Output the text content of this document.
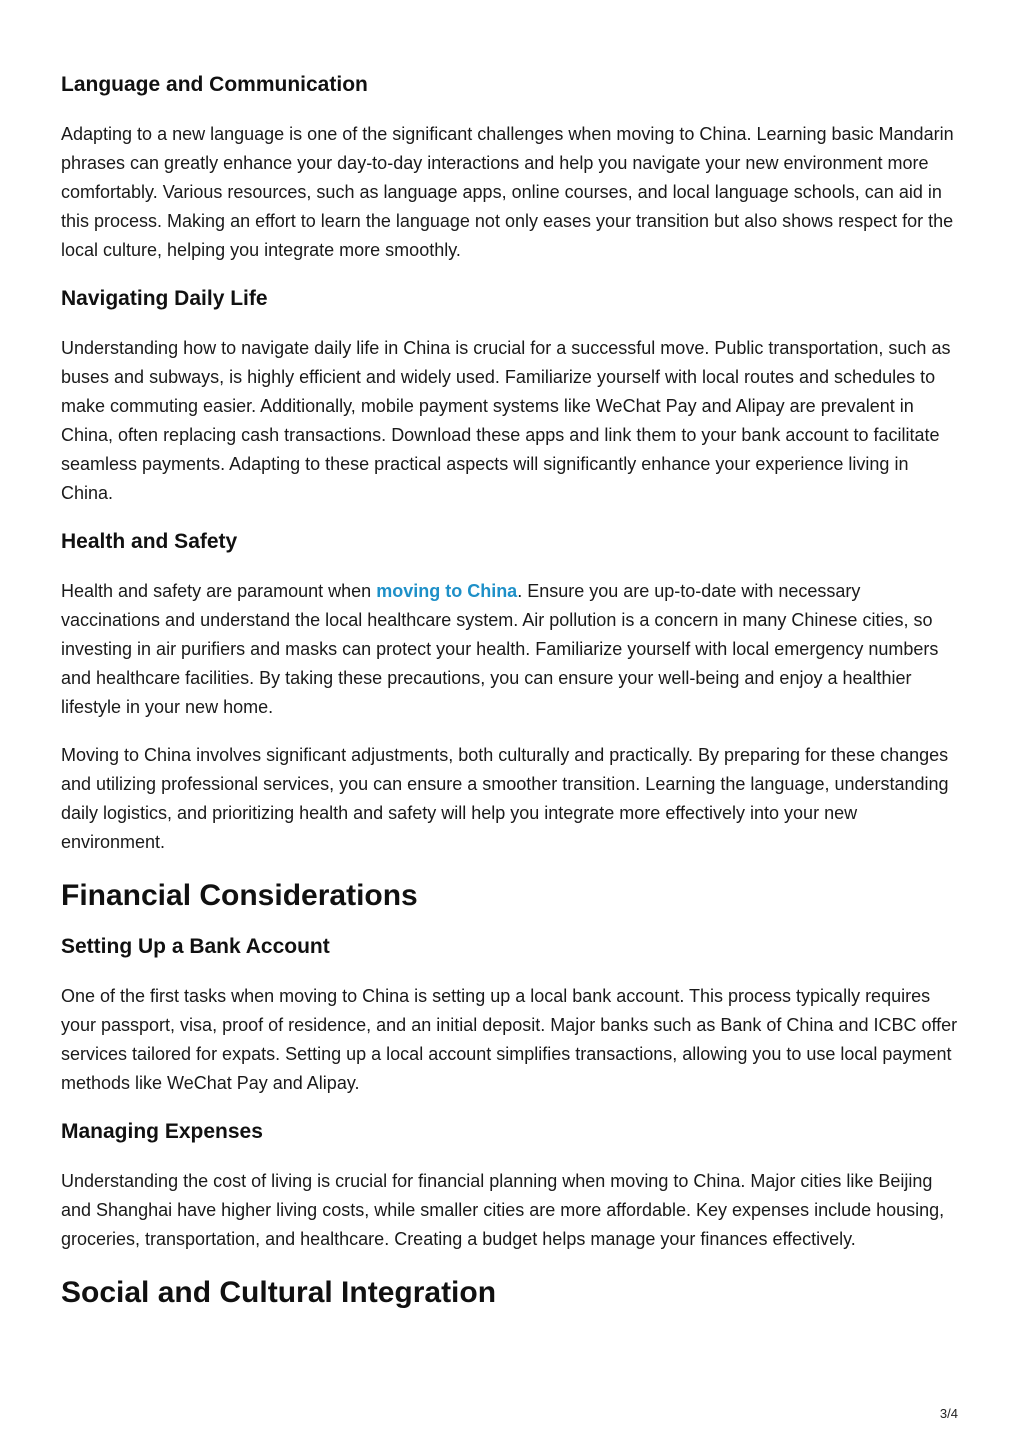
Language and Communication

Adapting to a new language is one of the significant challenges when moving to China. Learning basic Mandarin phrases can greatly enhance your day-to-day interactions and help you navigate your new environment more comfortably. Various resources, such as language apps, online courses, and local language schools, can aid in this process. Making an effort to learn the language not only eases your transition but also shows respect for the local culture, helping you integrate more smoothly.

Navigating Daily Life

Understanding how to navigate daily life in China is crucial for a successful move. Public transportation, such as buses and subways, is highly efficient and widely used. Familiarize yourself with local routes and schedules to make commuting easier. Additionally, mobile payment systems like WeChat Pay and Alipay are prevalent in China, often replacing cash transactions. Download these apps and link them to your bank account to facilitate seamless payments. Adapting to these practical aspects will significantly enhance your experience living in China.

Health and Safety

Health and safety are paramount when moving to China. Ensure you are up-to-date with necessary vaccinations and understand the local healthcare system. Air pollution is a concern in many Chinese cities, so investing in air purifiers and masks can protect your health. Familiarize yourself with local emergency numbers and healthcare facilities. By taking these precautions, you can ensure your well-being and enjoy a healthier lifestyle in your new home.

Moving to China involves significant adjustments, both culturally and practically. By preparing for these changes and utilizing professional services, you can ensure a smoother transition. Learning the language, understanding daily logistics, and prioritizing health and safety will help you integrate more effectively into your new environment.

Financial Considerations
Setting Up a Bank Account

One of the first tasks when moving to China is setting up a local bank account. This process typically requires your passport, visa, proof of residence, and an initial deposit. Major banks such as Bank of China and ICBC offer services tailored for expats. Setting up a local account simplifies transactions, allowing you to use local payment methods like WeChat Pay and Alipay.

Managing Expenses

Understanding the cost of living is crucial for financial planning when moving to China. Major cities like Beijing and Shanghai have higher living costs, while smaller cities are more affordable. Key expenses include housing, groceries, transportation, and healthcare. Creating a budget helps manage your finances effectively.

Social and Cultural Integration
3/4
